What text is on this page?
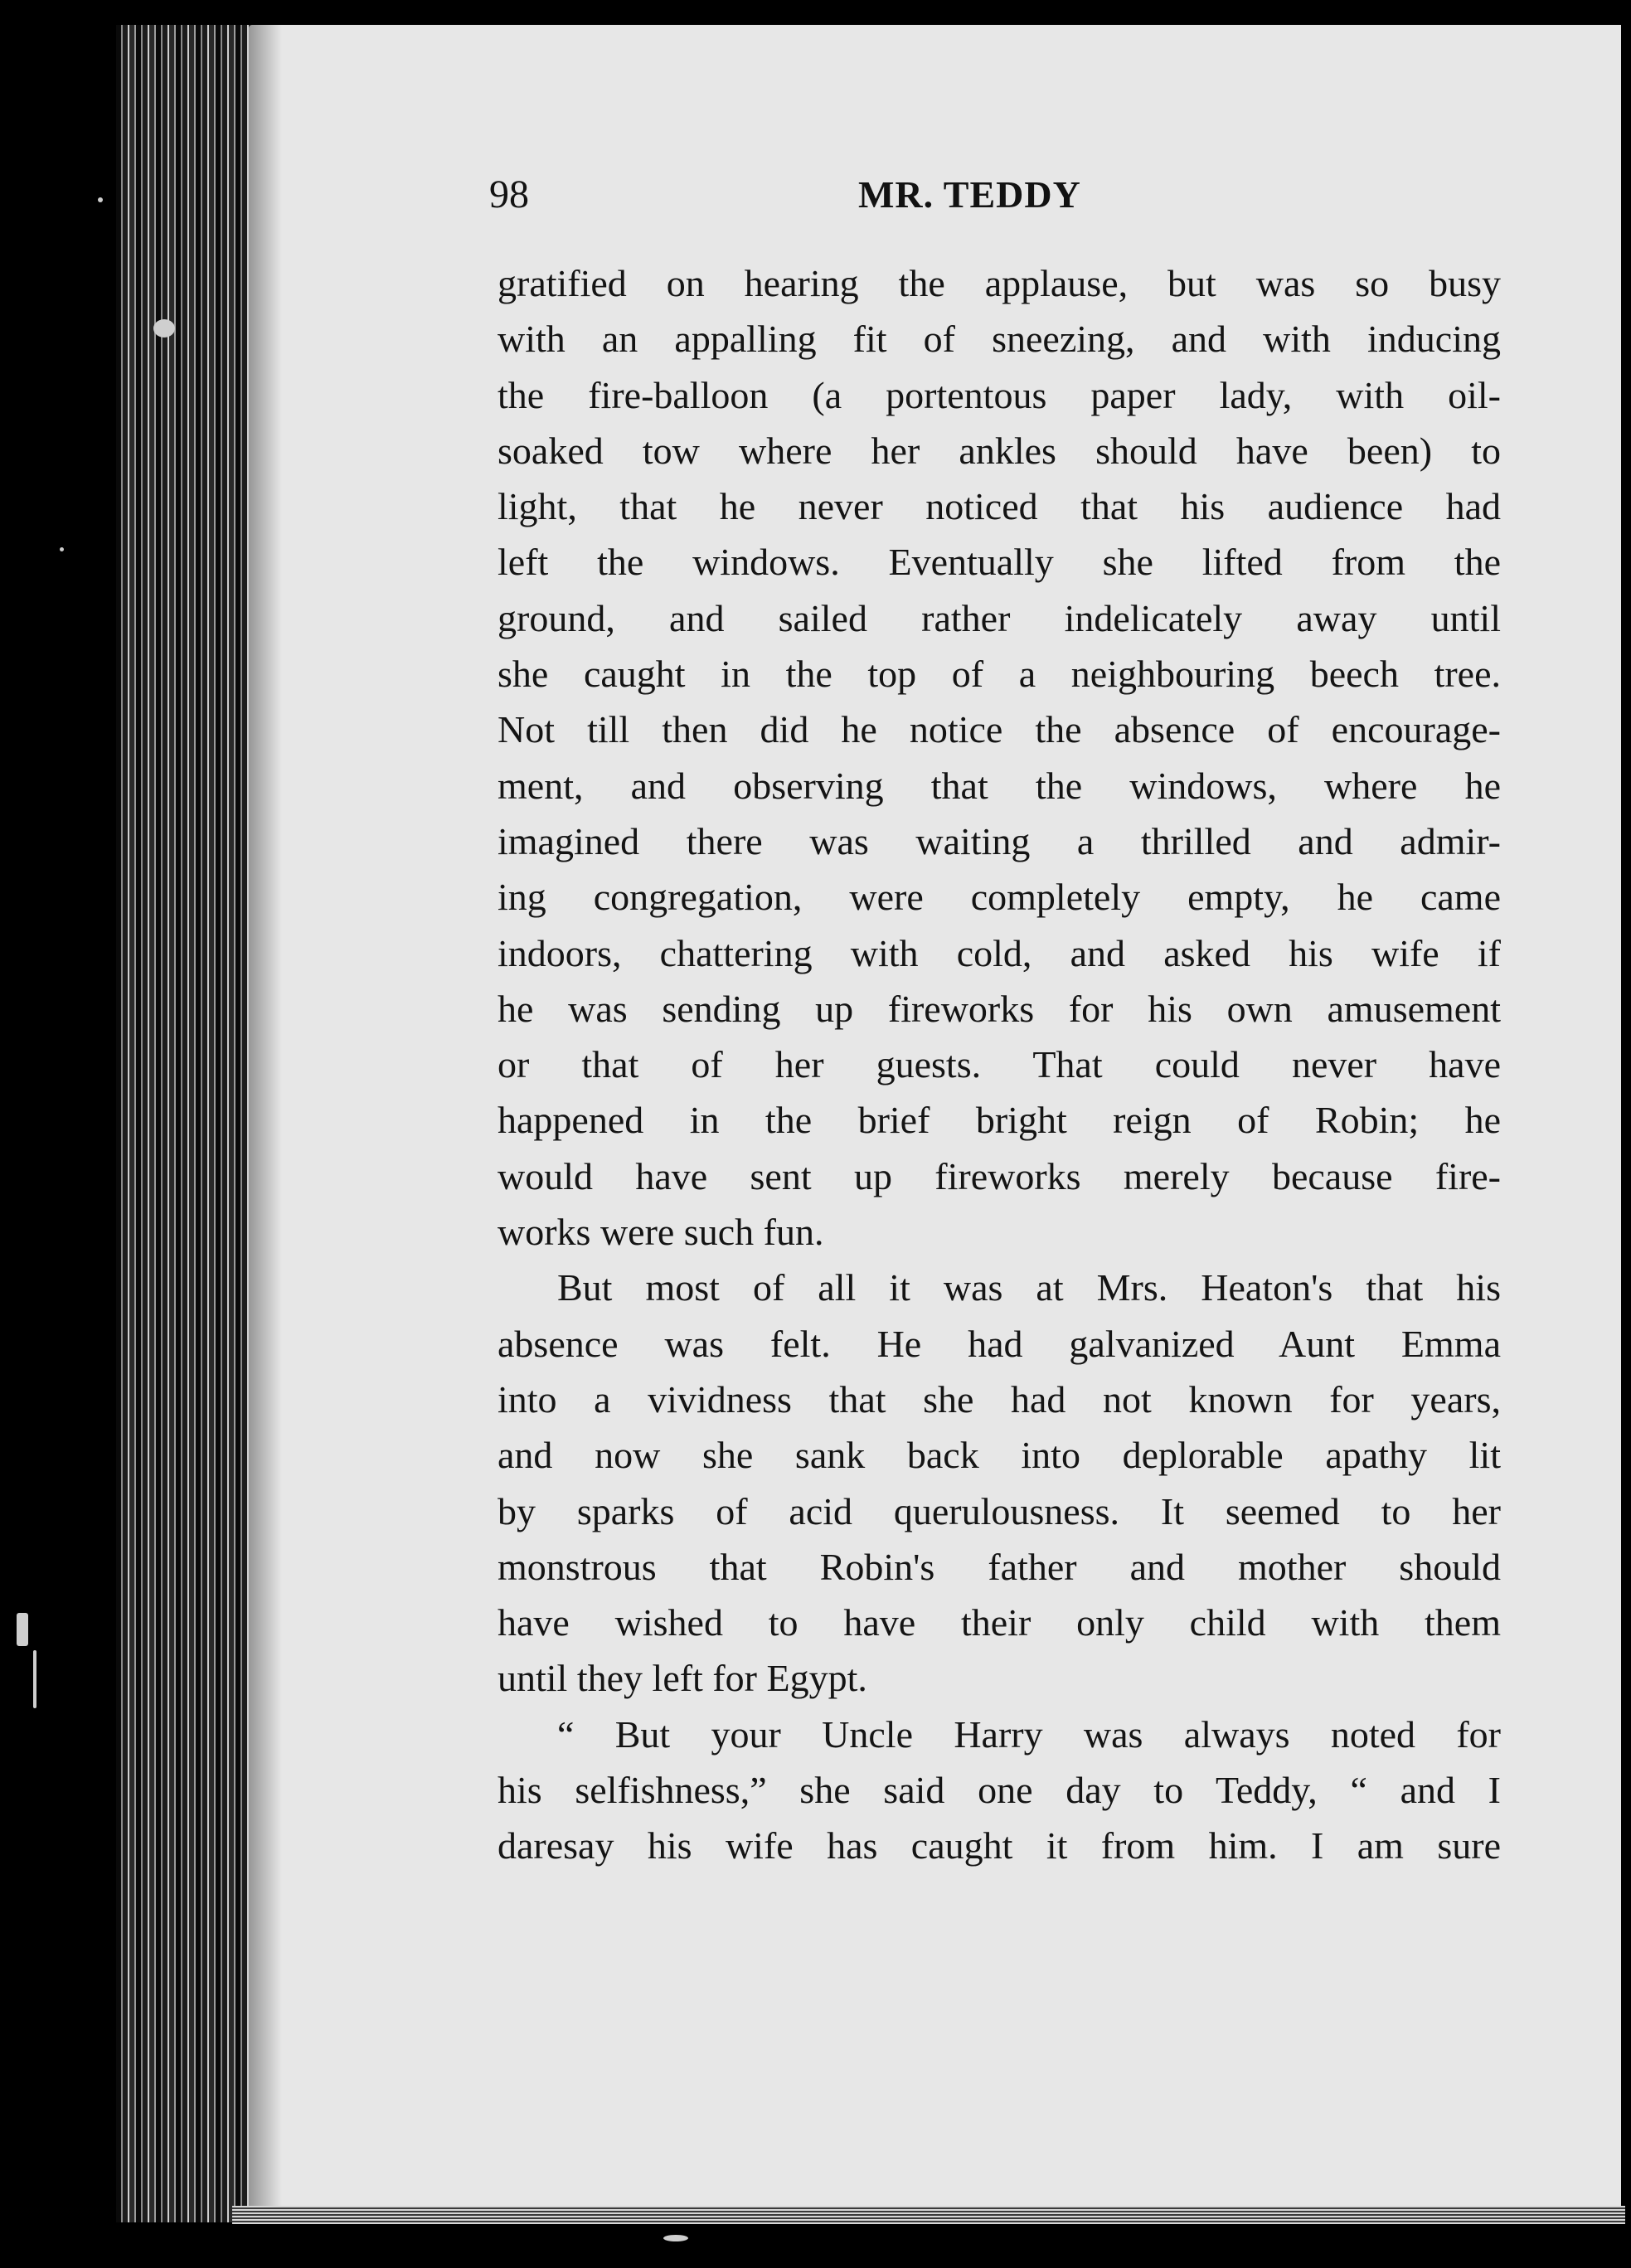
98	MR. TEDDY
gratified on hearing the applause, but was so busy
with an appalling fit of sneezing, and with inducing
the fire-balloon (a portentous paper lady, with oil-
soaked tow where her ankles should have been) to
light, that he never noticed that his audience had
left the windows. Eventually she lifted from the
ground, and sailed rather indelicately away until
she caught in the top of a neighbouring beech tree.
Not till then did he notice the absence of encourage-
ment, and observing that the windows, where he
imagined there was waiting a thrilled and admir-
ing congregation, were completely empty, he came
indoors, chattering with cold, and asked his wife if
he was sending up fireworks for his own amusement
or that of her guests. That could never have
happened in the brief bright reign of Robin; he
would have sent up fireworks merely because fire-
works were such fun.
But most of all it was at Mrs. Heaton's that his
absence was felt. He had galvanized Aunt Emma
into a vividness that she had not known for years,
and now she sank back into deplorable apathy lit
by sparks of acid querulousness. It seemed to her
monstrous that Robin's father and mother should
have wished to have their only child with them
until they left for Egypt.
“ But your Uncle Harry was always noted for
his selfishness,” she said one day to Teddy, “ and I
daresay his wife has caught it from him. I am sure
